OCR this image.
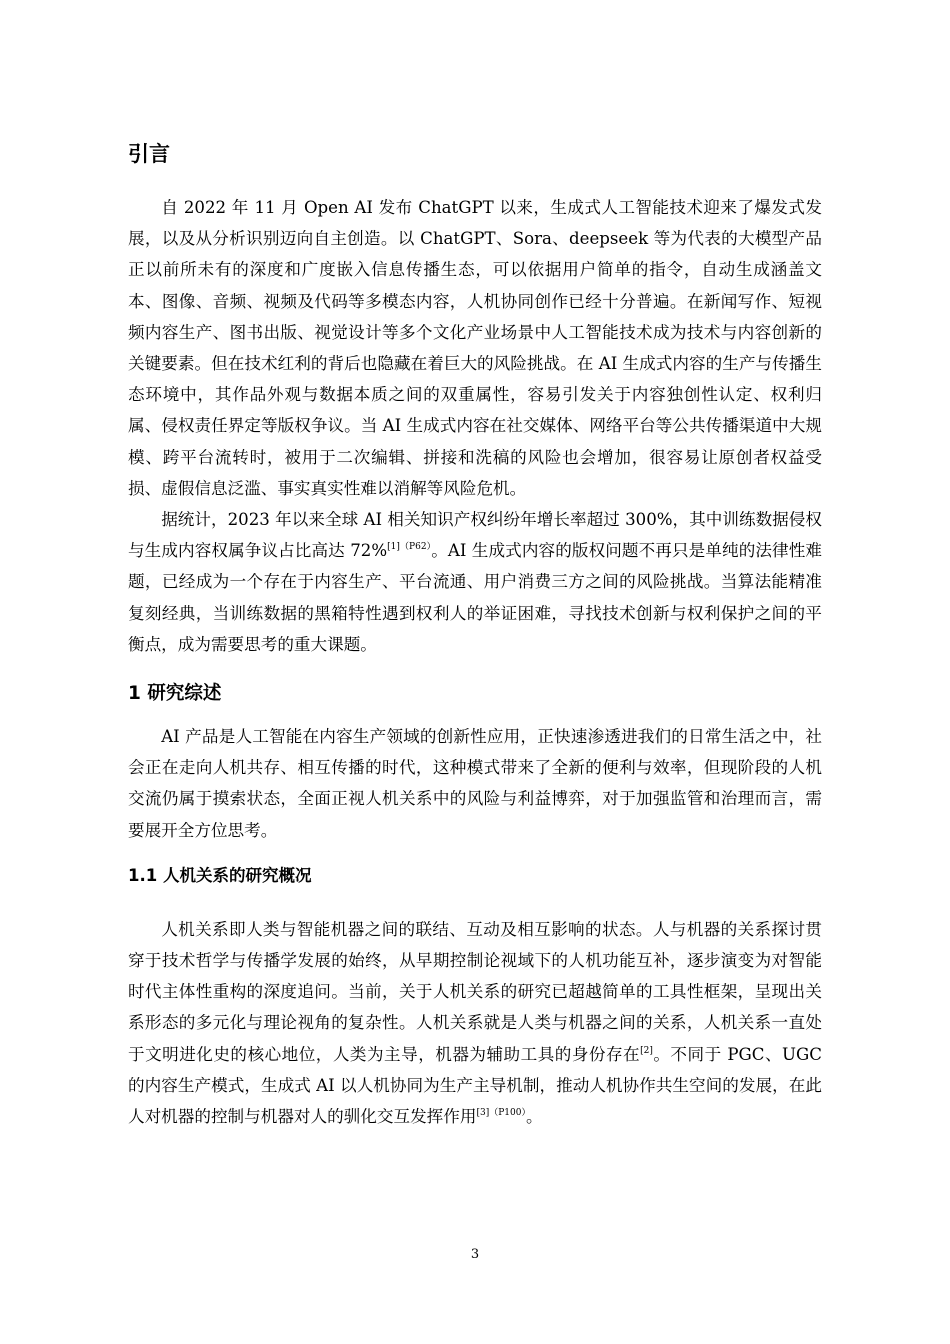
引言

自 2022 年 11 月 Open AI 发布 ChatGPT 以来，生成式人工智能技术迎来了爆发式发展，以及从分析识别迈向自主创造。以 ChatGPT、Sora、deepseek 等为代表的大模型产品正以前所未有的深度和广度嵌入信息传播生态，可以依据用户简单的指令，自动生成涵盖文本、图像、音频、视频及代码等多模态内容，人机协同创作已经十分普遍。在新闻写作、短视频内容生产、图书出版、视觉设计等多个文化产业场景中人工智能技术成为技术与内容创新的关键要素。但在技术红利的背后也隐藏在着巨大的风险挑战。在 AI 生成式内容的生产与传播生态环境中，其作品外观与数据本质之间的双重属性，容易引发关于内容独创性认定、权利归属、侵权责任界定等版权争议。当 AI 生成式内容在社交媒体、网络平台等公共传播渠道中大规模、跨平台流转时，被用于二次编辑、拼接和洗稿的风险也会增加，很容易让原创者权益受损、虚假信息泛滥、事实真实性难以消解等风险危机。

据统计，2023 年以来全球 AI 相关知识产权纠纷年增长率超过 300%，其中训练数据侵权与生成内容权属争议占比高达 72%$^{[1](P62)}$。AI 生成式内容的版权问题不再只是单纯的法律性难题，已经成为一个存在于内容生产、平台流通、用户消费三方之间的风险挑战。当算法能精准复刻经典，当训练数据的黑箱特性遇到权利人的举证困难，寻找技术创新与权利保护之间的平衡点，成为需要思考的重大课题。

1 研究综述

AI 产品是人工智能在内容生产领域的创新性应用，正快速渗透进我们的日常生活之中，社会正在走向人机共存、相互传播的时代，这种模式带来了全新的便利与效率，但现阶段的人机交流仍属于摸索状态，全面正视人机关系中的风险与利益博弈，对于加强监管和治理而言，需要展开全方位思考。

1.1 人机关系的研究概况

人机关系即人类与智能机器之间的联结、互动及相互影响的状态。人与机器的关系探讨贯穿于技术哲学与传播学发展的始终，从早期控制论视域下的人机功能互补，逐步演变为对智能时代主体性重构的深度追问。当前，关于人机关系的研究已超越简单的工具性框架，呈现出关系形态的多元化与理论视角的复杂性。人机关系就是人类与机器之间的关系，人机关系一直处于文明进化史的核心地位，人类为主导，机器为辅助工具的身份存在[2]。不同于 PGC、UGC 的内容生产模式，生成式 AI 以人机协同为生产主导机制，推动人机协作共生空间的发展，在此人对机器的控制与机器对人的驯化交互发挥作用$^{[3](P100)}$。

3
